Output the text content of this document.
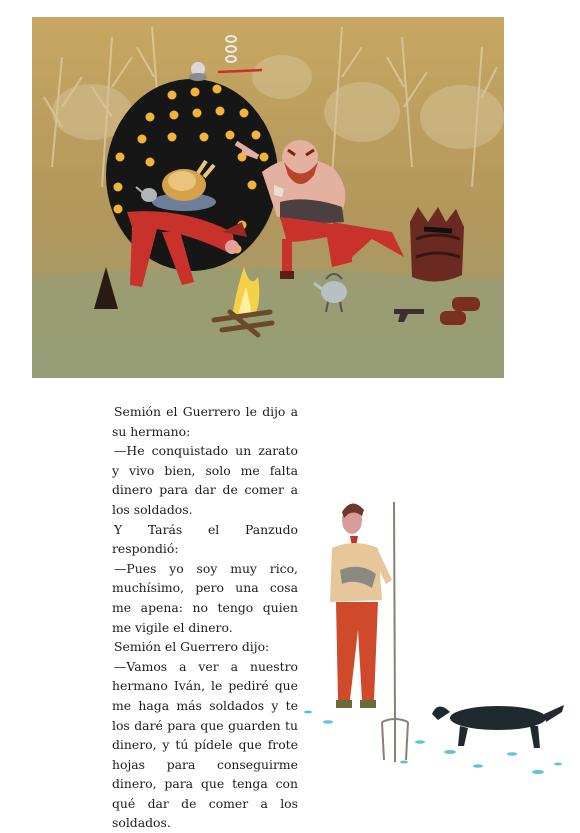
Semión el Guerrero le dijo a su hermano:

—He conquistado un zarato y vivo bien, solo me falta dinero para dar de comer a los soldados.

Y Tarás el Panzudo respondió:

—Pues yo soy muy rico, muchísimo, pero una cosa me apena: no tengo quien me vigile el dinero.

Semión el Guerrero dijo:

—Vamos a ver a nuestro hermano Iván, le pediré que me haga más soldados y te los daré para que guarden tu dinero, y tú pídele que frote hojas para conseguirme dinero, para que tenga con qué dar de comer a los soldados.
